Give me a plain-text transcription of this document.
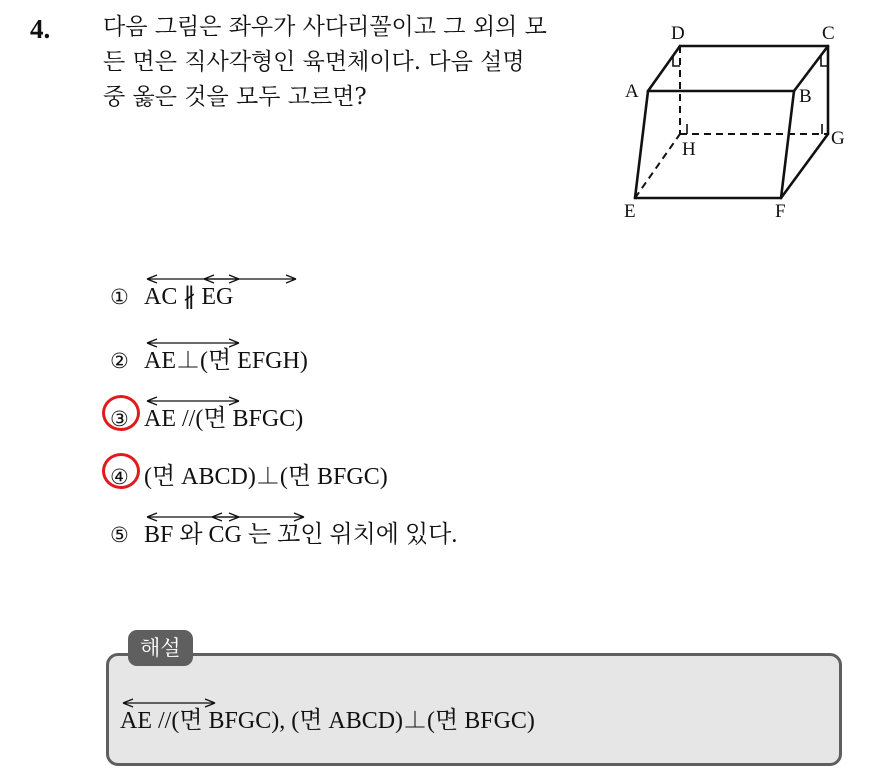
4. 다음 그림은 좌우가 사다리꼴이고 그 외의 모
든 면은 직사각형인 육면체이다. 다음 설명
중 옳은 것을 모두 고르면?
D	C
A	B
H
G
E	F
① AC
∦ EG
② AE
⊥(면 EFGH)
③ AE
//(면 BFGC)
④ (면 ABCD)⊥(면 BFGC)
⑤ BF
와 CG
는 꼬인 위치에 있다.
해설
AE
//(면 BFGC), (면 ABCD)⊥(면 BFGC)
